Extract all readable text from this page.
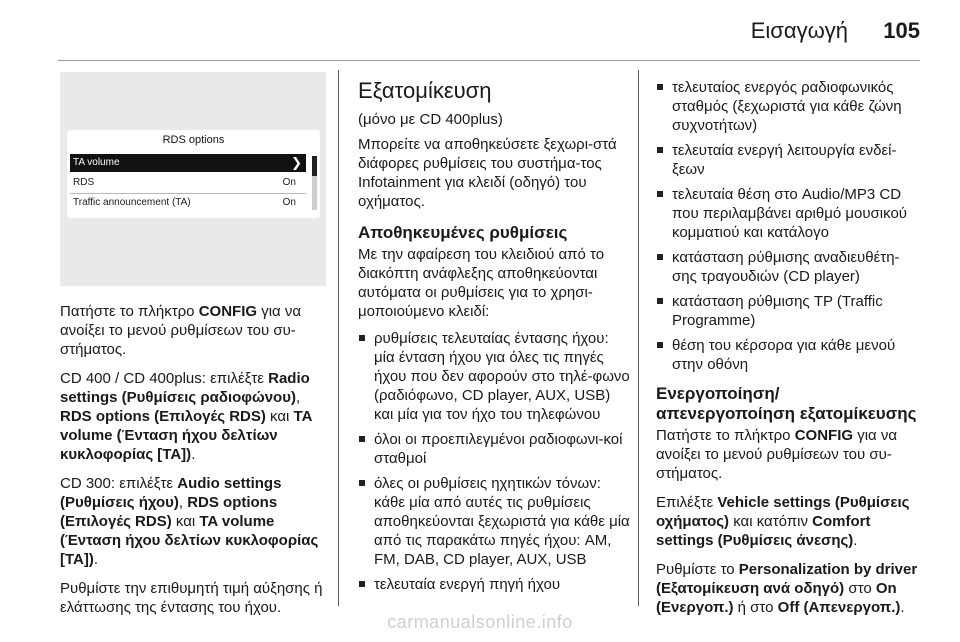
Εισαγωγή 105
RDS options
TA volume	❯
RDS	On
Traffic announcement (TA)	On

Πατήστε το πλήκτρο CONFIG για να ανοίξει το μενού ρυθμίσεων του συ-στήματος.

CD 400 / CD 400plus: επιλέξτε Radio settings (Ρυθμίσεις ραδιοφώνου), RDS options (Επιλογές RDS) και TA volume (Ένταση ήχου δελτίων κυκλοφορίας [TA]).

CD 300: επιλέξτε Audio settings (Ρυθμίσεις ήχου), RDS options (Επιλογές RDS) και TA volume (Ένταση ήχου δελτίων κυκλοφορίας [TA]).

Ρυθμίστε την επιθυμητή τιμή αύξησης ή ελάττωσης της έντασης του ήχου.

Εξατομίκευση

(μόνο με CD 400plus)

Μπορείτε να αποθηκεύσετε ξεχωρι-στά διάφορες ρυθμίσεις του συστήμα-τος Infotainment για κλειδί (οδηγό) του οχήματος.

Αποθηκευμένες ρυθμίσεις

Με την αφαίρεση του κλειδιού από το διακόπτη ανάφλεξης αποθηκεύονται αυτόματα οι ρυθμίσεις για το χρησι-μοποιούμενο κλειδί:

ρυθμίσεις τελευταίας έντασης ήχου: μία ένταση ήχου για όλες τις πηγές ήχου που δεν αφορούν στο τηλέ-φωνο (ραδιόφωνο, CD player, AUX, USB) και μία για τον ήχο του τηλεφώνου
όλοι οι προεπιλεγμένοι ραδιοφωνι-κοί σταθμοί
όλες οι ρυθμίσεις ηχητικών τόνων: κάθε μία από αυτές τις ρυθμίσεις αποθηκεύονται ξεχωριστά για κάθε μία από τις παρακάτω πηγές ήχου: AM, FM, DAB, CD player, AUX, USB
τελευταία ενεργή πηγή ήχου
τελευταίος ενεργός ραδιοφωνικός σταθμός (ξεχωριστά για κάθε ζώνη συχνοτήτων)
τελευταία ενεργή λειτουργία ενδεί-ξεων
τελευταία θέση στο Audio/MP3 CD που περιλαμβάνει αριθμό μουσικού κομματιού και κατάλογο
κατάσταση ρύθμισης αναδιευθέτη-σης τραγουδιών (CD player)
κατάσταση ρύθμισης TP (Traffic Programme)
θέση του κέρσορα για κάθε μενού στην οθόνη
Ενεργοποίηση/ απενεργοποίηση εξατομίκευσης

Πατήστε το πλήκτρο CONFIG για να ανοίξει το μενού ρυθμίσεων του συ-στήματος.

Επιλέξτε Vehicle settings (Ρυθμίσεις οχήματος) και κατόπιν Comfort settings (Ρυθμίσεις άνεσης).

Ρυθμίστε το Personalization by driver (Εξατομίκευση ανά οδηγό) στο On (Ενεργοπ.) ή στο Off (Απενεργοπ.).

carmanualsonline.info
